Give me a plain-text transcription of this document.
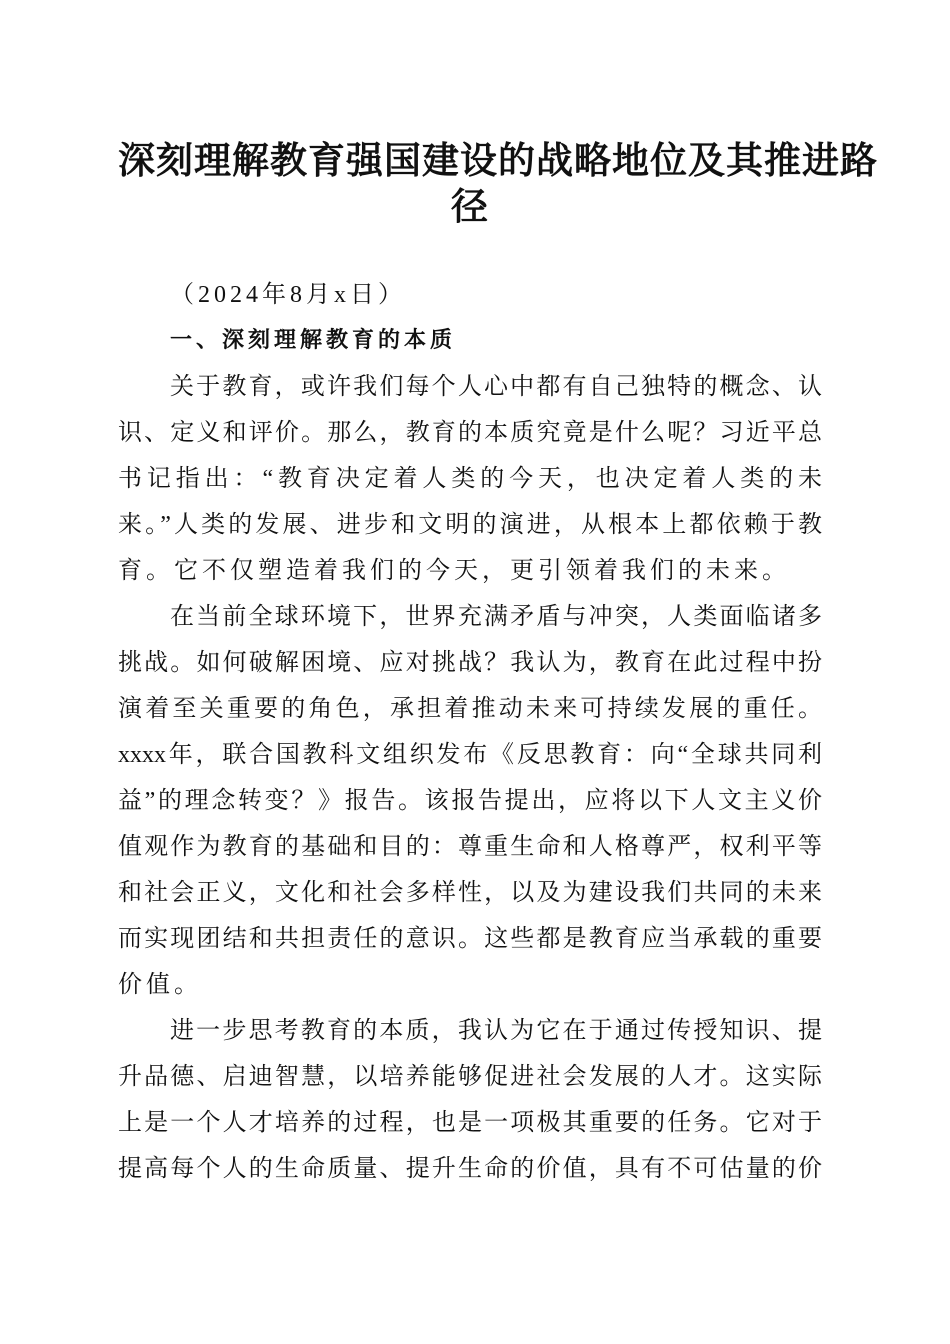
深刻理解教育强国建设的战略地位及其推进路
径
（2024年8月x日）
一、深刻理解教育的本质
关于教育，或许我们每个人心中都有自己独特的概念、认
识、定义和评价。那么，教育的本质究竟是什么呢？习近平总
书记指出：“教育决定着人类的今天，也决定着人类的未
来。”人类的发展、进步和文明的演进，从根本上都依赖于教
育。它不仅塑造着我们的今天，更引领着我们的未来。
在当前全球环境下，世界充满矛盾与冲突，人类面临诸多
挑战。如何破解困境、应对挑战？我认为，教育在此过程中扮
演着至关重要的角色，承担着推动未来可持续发展的重任。
xxxx年，联合国教科文组织发布《反思教育：向“全球共同利
益”的理念转变？》报告。该报告提出，应将以下人文主义价
值观作为教育的基础和目的：尊重生命和人格尊严，权利平等
和社会正义，文化和社会多样性，以及为建设我们共同的未来
而实现团结和共担责任的意识。这些都是教育应当承载的重要
价值。
进一步思考教育的本质，我认为它在于通过传授知识、提
升品德、启迪智慧，以培养能够促进社会发展的人才。这实际
上是一个人才培养的过程，也是一项极其重要的任务。它对于
提高每个人的生命质量、提升生命的价值，具有不可估量的价
